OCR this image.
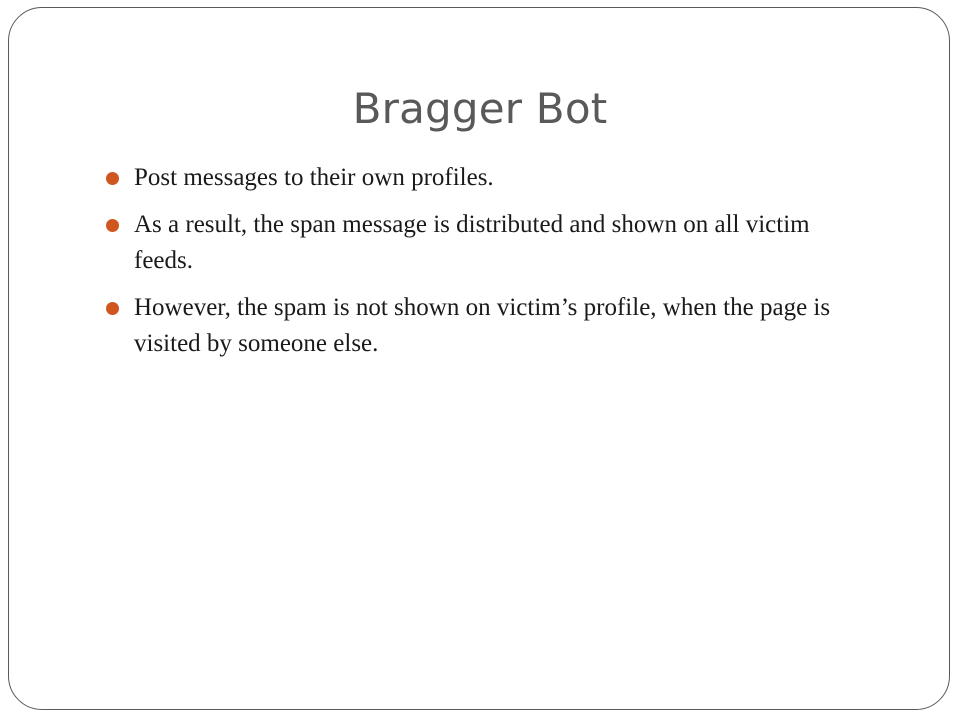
Bragger Bot
Post messages to their own profiles.
As a result, the span message is distributed and shown on all victim feeds.
However, the spam is not shown on victim’s profile, when the page is visited by someone else.
